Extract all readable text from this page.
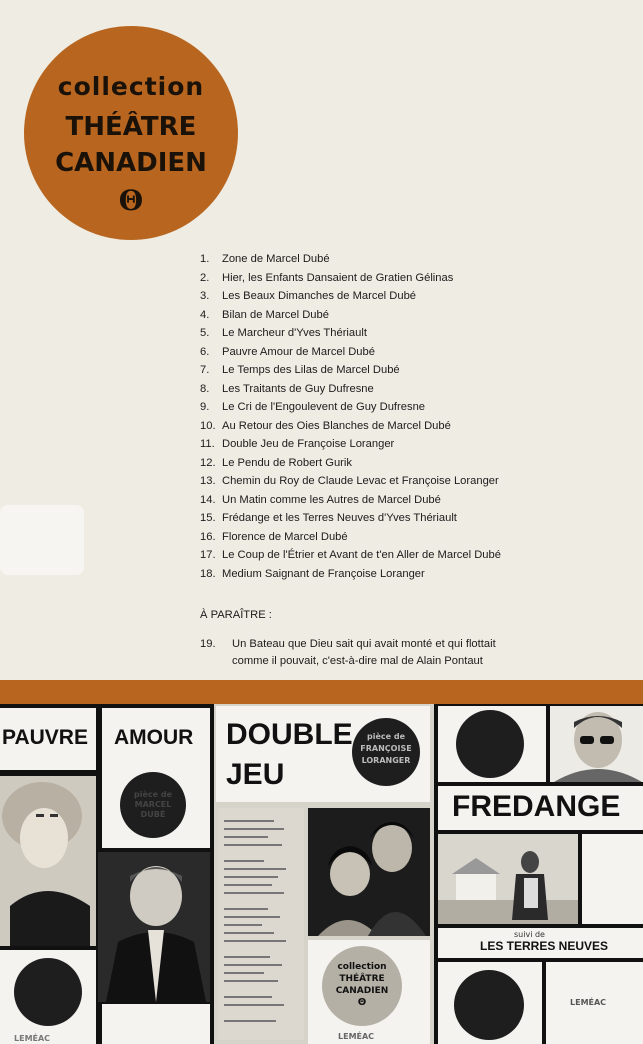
collection
THÉÂTRE
CANADIEN
Θ
1. Zone de Marcel Dubé
2. Hier, les Enfants Dansaient de Gratien Gélinas
3. Les Beaux Dimanches de Marcel Dubé
4. Bilan de Marcel Dubé
5. Le Marcheur d'Yves Thériault
6. Pauvre Amour de Marcel Dubé
7. Le Temps des Lilas de Marcel Dubé
8. Les Traitants de Guy Dufresne
9. Le Cri de l'Engoulevent de Guy Dufresne
10. Au Retour des Oies Blanches de Marcel Dubé
11. Double Jeu de Françoise Loranger
12. Le Pendu de Robert Gurik
13. Chemin du Roy de Claude Levac et Françoise Loranger
14. Un Matin comme les Autres de Marcel Dubé
15. Frédange et les Terres Neuves d'Yves Thériault
16. Florence de Marcel Dubé
17. Le Coup de l'Étrier et Avant de t'en Aller de Marcel Dubé
18. Medium Saignant de Françoise Loranger
À PARAÎTRE :
19. Un Bateau que Dieu sait qui avait monté et qui flottait
comme il pouvait, c'est-à-dire mal de Alain Pontaut
PAUVRE AMOUR
pièce de MARCEL DUBÉ
LEMÉAC
DOUBLE
JEU
pièce de
FRANÇOISE
LORANGER
collection
THÉÂTRE
CANADIEN
Θ
LEMÉAC
FREDANGE
suivi de
LES TERRES NEUVES
LEMÉAC
